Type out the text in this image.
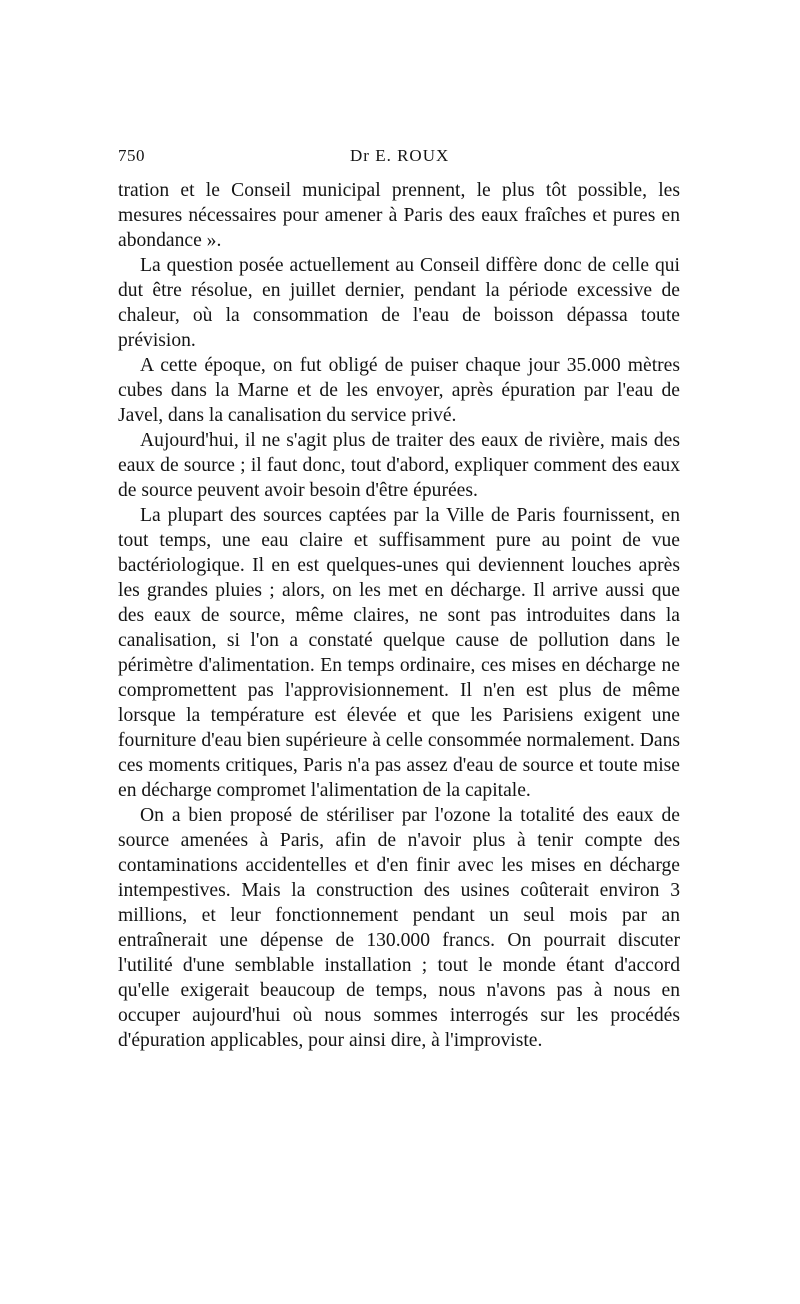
750	Dr E. ROUX

tration et le Conseil municipal prennent, le plus tôt possible, les mesures nécessaires pour amener à Paris des eaux fraîches et pures en abondance ».

La question posée actuellement au Conseil diffère donc de celle qui dut être résolue, en juillet dernier, pendant la période excessive de chaleur, où la consommation de l'eau de boisson dépassa toute prévision.

A cette époque, on fut obligé de puiser chaque jour 35.000 mètres cubes dans la Marne et de les envoyer, après épuration par l'eau de Javel, dans la canalisation du service privé.

Aujourd'hui, il ne s'agit plus de traiter des eaux de rivière, mais des eaux de source ; il faut donc, tout d'abord, expliquer comment des eaux de source peuvent avoir besoin d'être épurées.

La plupart des sources captées par la Ville de Paris fournissent, en tout temps, une eau claire et suffisamment pure au point de vue bactériologique. Il en est quelques-unes qui deviennent louches après les grandes pluies ; alors, on les met en décharge. Il arrive aussi que des eaux de source, même claires, ne sont pas introduites dans la canalisation, si l'on a constaté quelque cause de pollution dans le périmètre d'alimentation. En temps ordinaire, ces mises en décharge ne compromettent pas l'approvisionnement. Il n'en est plus de même lorsque la température est élevée et que les Parisiens exigent une fourniture d'eau bien supérieure à celle consommée normalement. Dans ces moments critiques, Paris n'a pas assez d'eau de source et toute mise en décharge compromet l'alimentation de la capitale.

On a bien proposé de stériliser par l'ozone la totalité des eaux de source amenées à Paris, afin de n'avoir plus à tenir compte des contaminations accidentelles et d'en finir avec les mises en décharge intempestives. Mais la construction des usines coûterait environ 3 millions, et leur fonctionnement pendant un seul mois par an entraînerait une dépense de 130.000 francs. On pourrait discuter l'utilité d'une semblable installation ; tout le monde étant d'accord qu'elle exigerait beaucoup de temps, nous n'avons pas à nous en occuper aujourd'hui où nous sommes interrogés sur les procédés d'épuration applicables, pour ainsi dire, à l'improviste.
